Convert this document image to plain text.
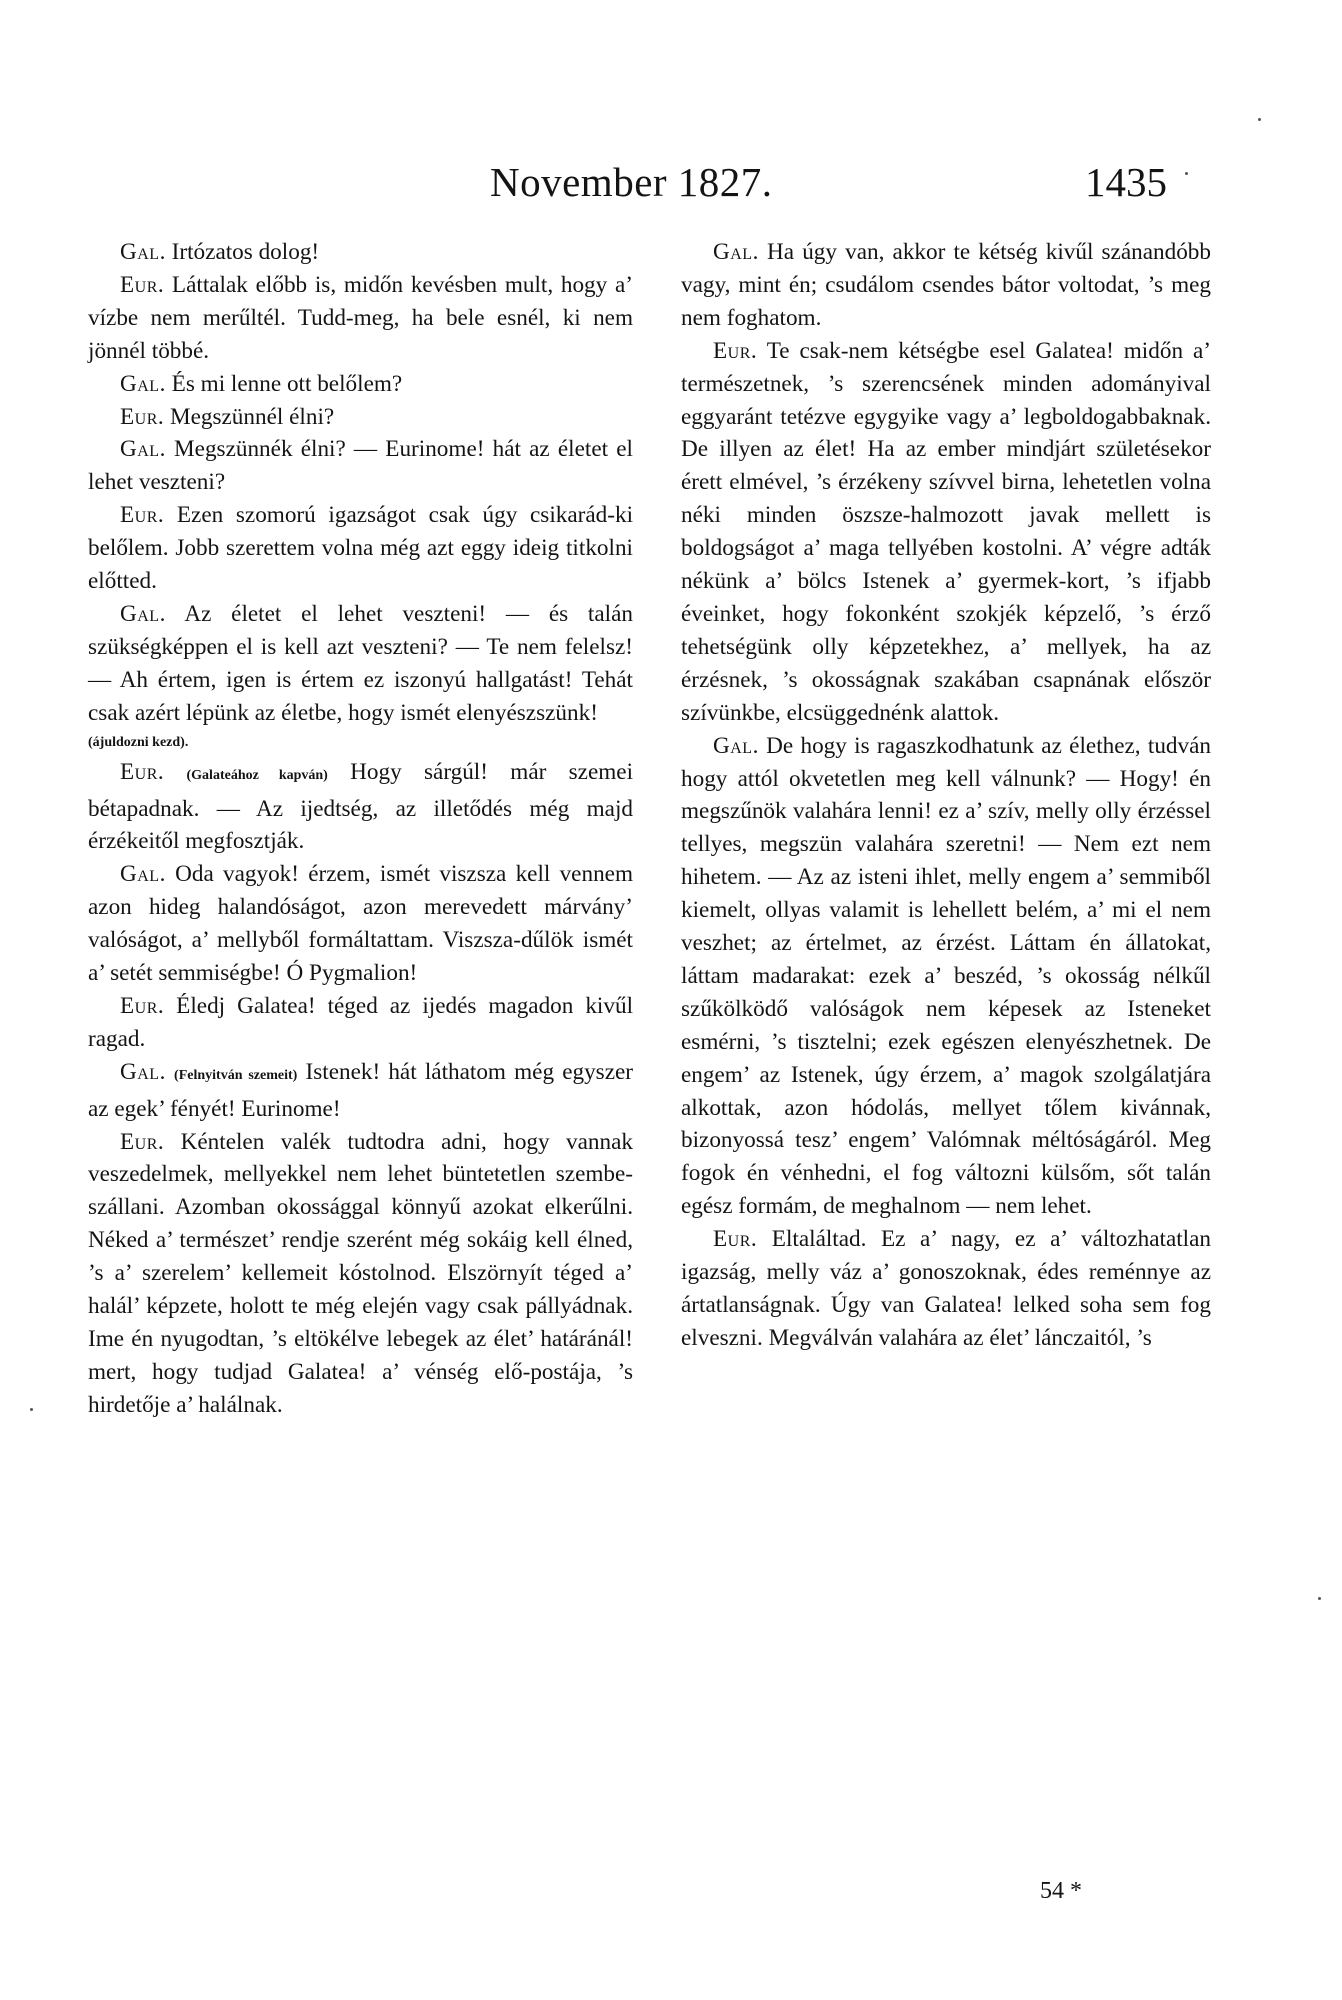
November 1827.	1435

Gal. Irtózatos dolog!

Eur. Láttalak előbb is, midőn kevésben mult, hogy a’ vízbe nem merűltél. Tudd-meg, ha bele esnél, ki nem jönnél többé.

Gal. És mi lenne ott belőlem?

Eur. Megszünnél élni?

Gal. Megszünnék élni? — Eurinome! hát az életet el lehet veszteni?

Eur. Ezen szomorú igazságot csak úgy csikarád-ki belőlem. Jobb szerettem volna még azt eggy ideig titkolni előtted.

Gal. Az életet el lehet veszteni! — és talán szükségképpen el is kell azt veszteni? — Te nem felelsz! — Ah értem, igen is értem ez iszonyú hallgatást! Tehát csak azért lépünk az életbe, hogy ismét elenyészszünk!

(ájuldozni kezd).

Eur. (Galateához kapván) Hogy sárgúl! már szemei bétapadnak. — Az ijedtség, az illetődés még majd érzékeitől megfosztják.

Gal. Oda vagyok! érzem, ismét viszsza kell vennem azon hideg halandóságot, azon merevedett márvány’ valóságot, a’ mellyből formáltattam. Viszsza-dűlök ismét a’ setét semmiségbe! Ó Pygmalion!

Eur. Éledj Galatea! téged az ijedés magadon kivűl ragad.

Gal. (Felnyitván szemeit) Istenek! hát láthatom még egyszer az egek’ fényét! Eurinome!

Eur. Kéntelen valék tudtodra adni, hogy vannak veszedelmek, mellyekkel nem lehet büntetetlen szembe-szállani. Azomban okossággal könnyű azokat elkerűlni. Néked a’ természet’ rendje szerént még sokáig kell élned, ’s a’ szerelem’ kellemeit kóstolnod. Elszörnyít téged a’ halál’ képzete, holott te még elején vagy csak pállyádnak. Ime én nyugodtan, ’s eltökélve lebegek az élet’ határánál! mert, hogy tudjad Galatea! a’ vénség elő-postája, ’s hirdetője a’ halálnak.

Gal. Ha úgy van, akkor te kétség kivűl szánandóbb vagy, mint én; csudálom csendes bátor voltodat, ’s meg nem foghatom.

Eur. Te csak-nem kétségbe esel Galatea! midőn a’ természetnek, ’s szerencsének minden adományival eggyaránt tetézve egygyike vagy a’ legboldogabbaknak. De illyen az élet! Ha az ember mindjárt születésekor érett elmével, ’s érzékeny szívvel birna, lehetetlen volna néki minden öszsze-halmozott javak mellett is boldogságot a’ maga tellyében kostolni. A’ végre adták nékünk a’ bölcs Istenek a’ gyermek-kort, ’s ifjabb éveinket, hogy fokonként szokjék képzelő, ’s érző tehetségünk olly képzetekhez, a’ mellyek, ha az érzésnek, ’s okosságnak szakában csapnának először szívünkbe, elcsüggednénk alattok.

Gal. De hogy is ragaszkodhatunk az élethez, tudván hogy attól okvetetlen meg kell válnunk? — Hogy! én megszűnök valahára lenni! ez a’ szív, melly olly érzéssel tellyes, megszün valahára szeretni! — Nem ezt nem hihetem. — Az az isteni ihlet, melly engem a’ semmiből kiemelt, ollyas valamit is lehellett belém, a’ mi el nem veszhet; az értelmet, az érzést. Láttam én állatokat, láttam madarakat: ezek a’ beszéd, ’s okosság nélkűl szűkölködő valóságok nem képesek az Isteneket esmérni, ’s tisztelni; ezek egészen elenyészhetnek. De engem’ az Istenek, úgy érzem, a’ magok szolgálatjára alkottak, azon hódolás, mellyet tőlem kivánnak, bizonyossá tesz’ engem’ Valómnak méltóságáról. Meg fogok én vénhedni, el fog változni külsőm, sőt talán egész formám, de meghalnom — nem lehet.

Eur. Eltaláltad. Ez a’ nagy, ez a’ változhatatlan igazság, melly váz a’ gonoszoknak, édes reménnye az ártatlanságnak. Úgy van Galatea! lelked soha sem fog elveszni. Megválván valahára az élet’ lánczaitól, ’s

54 *
